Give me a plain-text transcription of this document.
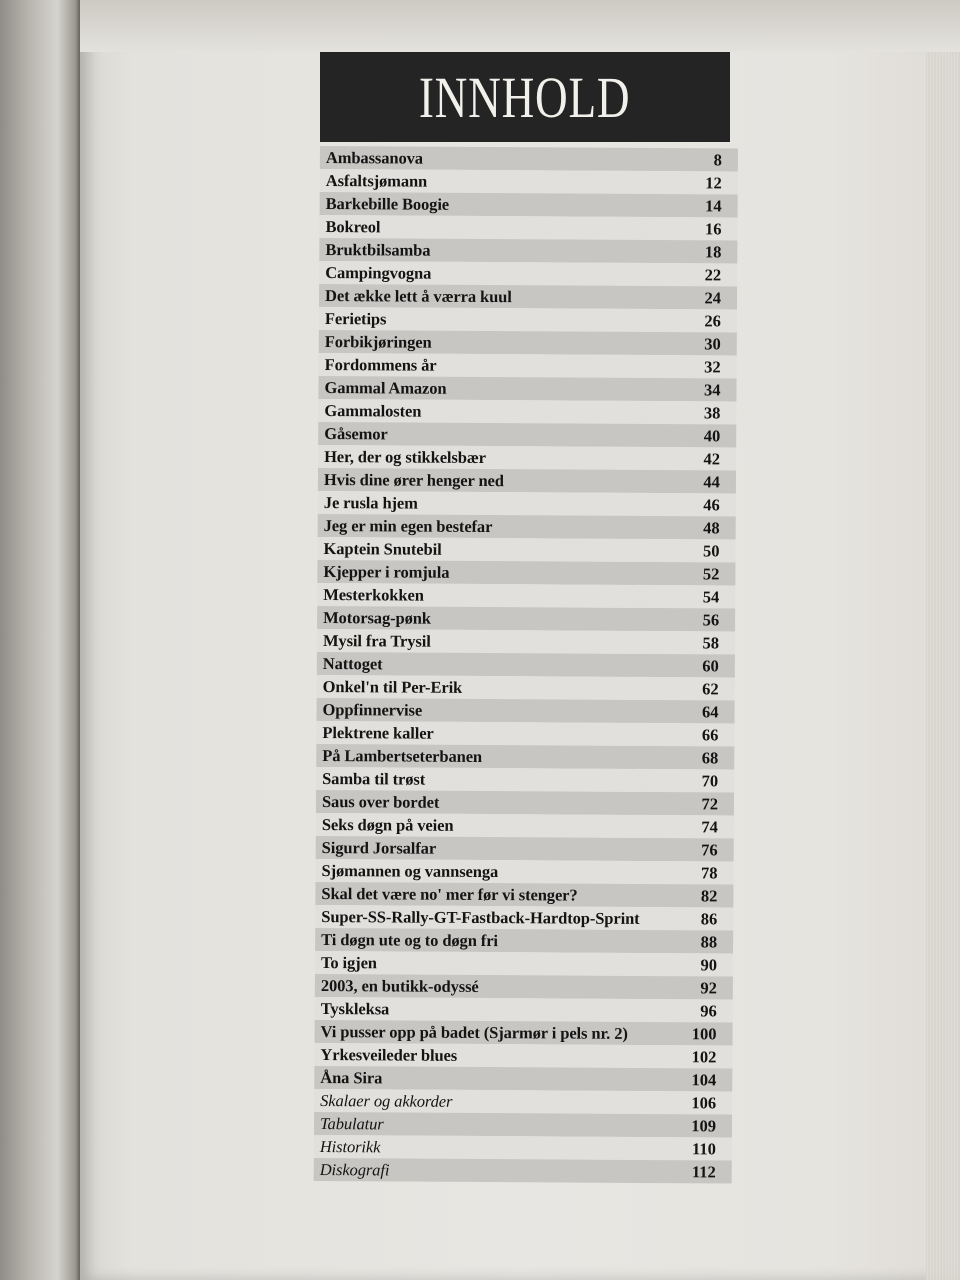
INNHOLD
Ambassanova	8
Asfaltsjømann	12
Barkebille Boogie	14
Bokreol	16
Bruktbilsamba	18
Campingvogna	22
Det ække lett å værra kuul	24
Ferietips	26
Forbikjøringen	30
Fordommens år	32
Gammal Amazon	34
Gammalosten	38
Gåsemor	40
Her, der og stikkelsbær	42
Hvis dine ører henger ned	44
Je rusla hjem	46
Jeg er min egen bestefar	48
Kaptein Snutebil	50
Kjepper i romjula	52
Mesterkokken	54
Motorsag-pønk	56
Mysil fra Trysil	58
Nattoget	60
Onkel'n til Per-Erik	62
Oppfinnervise	64
Plektrene kaller	66
På Lambertseterbanen	68
Samba til trøst	70
Saus over bordet	72
Seks døgn på veien	74
Sigurd Jorsalfar	76
Sjømannen og vannsenga	78
Skal det være no' mer før vi stenger?	82
Super-SS-Rally-GT-Fastback-Hardtop-Sprint	86
Ti døgn ute og to døgn fri	88
To igjen	90
2003, en butikk-odyssé	92
Tyskleksa	96
Vi pusser opp på badet (Sjarmør i pels nr. 2)	100
Yrkesveileder blues	102
Åna Sira	104
Skalaer og akkorder	106
Tabulatur	109
Historikk	110
Diskografi	112
